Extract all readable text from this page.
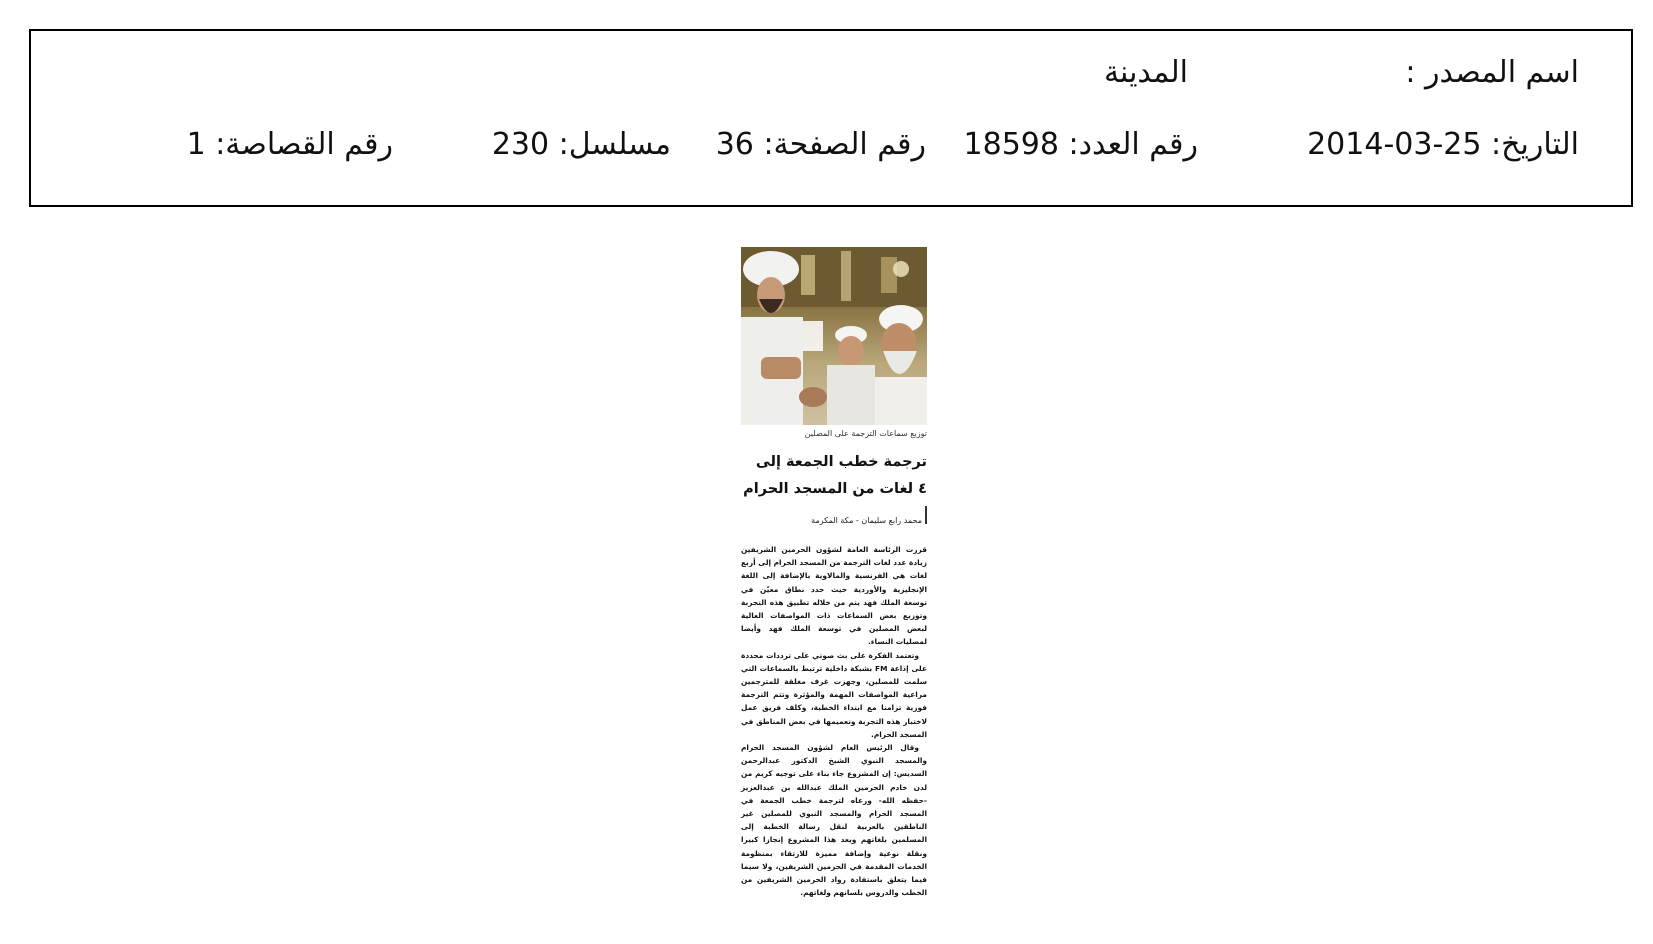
اسم المصدر :
المدينة
التاريخ: 25-03-2014
رقم العدد: 18598
رقم الصفحة: 36
مسلسل: 230
رقم القصاصة: 1
توزيع سماعات الترجمة على المصلين
ترجمة خطب الجمعة إلى
٤ لغات من المسجد الحرام
محمد رابع سليمان - مكة المكرمة

قررت الرئاسة العامة لشؤون الحرمين الشريفين زيادة عدد لغات الترجمة من المسجد الحرام إلى أربع لغات هي الفرنسية والمالاوية بالإضافة إلى اللغة الإنجليزية والأوردية حيث حدد نطاق معيّن في توسعة الملك فهد يتم من خلاله تطبيق هذه التجربة وتوزيع بعض السماعات ذات المواصفات العالية لبعض المصلين في توسعة الملك فهد وأيضا لمصليات النساء.

وتعتمد الفكرة على بث صوتي على ترددات محددة على إذاعة FM بشبكة داخلية ترتبط بالسماعات التي سلمت للمصلين، وجهزت غرف مغلقة للمترجمين مراعية المواصفات المهمة والمؤثرة وتتم الترجمة فورية تزامنا مع ابتداء الخطبة، وكلف فريق عمل لاختبار هذه التجربة وتعميمها في بعض المناطق في المسجد الحرام.

وقال الرئيس العام لشؤون المسجد الحرام والمسجد النبوي الشيخ الدكتور عبدالرحمن السديس: إن المشروع جاء بناء على توجيه كريم من لدن خادم الحرمين الملك عبدالله بن عبدالعزيز -حفظه الله- ورعاه لترجمة خطب الجمعة في المسجد الحرام والمسجد النبوي للمصلين غير الناطقين بالعربية لنقل رسالة الخطبة إلى المسلمين بلغاتهم ويعد هذا المشروع إنجازا كبيرا ونقلة نوعية وإضافة مميزة للارتقاء بمنظومة الخدمات المقدمة في الحرمين الشريفين، ولا سيما فيما يتعلق باستفادة رواد الحرمين الشريفين من الخطب والدروس بلسانهم ولغاتهم.
